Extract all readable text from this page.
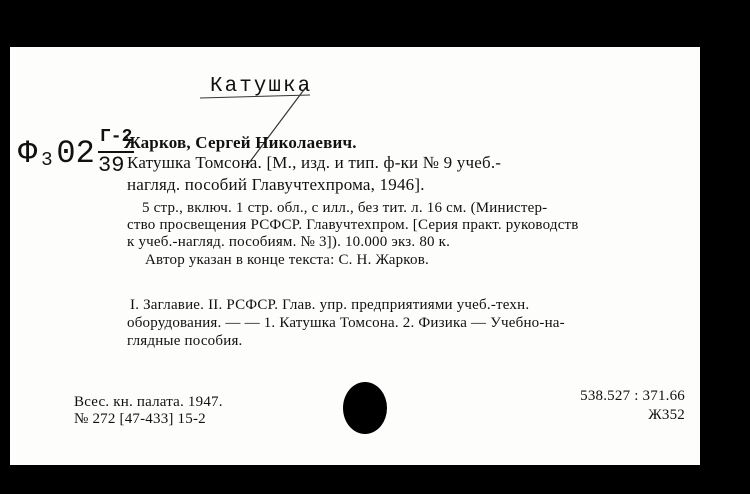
Катушка
Ф₃02 Г-2
39
Жарков, Сергей Николаевич.
Катушка Томсона. [М., изд. и тип. ф-ки № 9 учеб.-
нагляд. пособий Главучтехпрома, 1946].
5 стр., включ. 1 стр. обл., с илл., без тит. л. 16 см. (Министер-
ство просвещения РСФСР. Главучтехпром. [Серия практ. руководств
к учеб.-нагляд. пособиям. № 3]). 10.000 экз. 80 к.
Автор указан в конце текста: С. Н. Жарков.
I. Заглавие. II. РСФСР. Глав. упр. предприятиями учеб.-техн.
оборудования. — — 1. Катушка Томсона. 2. Физика — Учебно-на-
глядные пособия.
Всес. кн. палата. 1947.
№ 272 [47-433] 15-2
538.527 : 371.66
Ж352
